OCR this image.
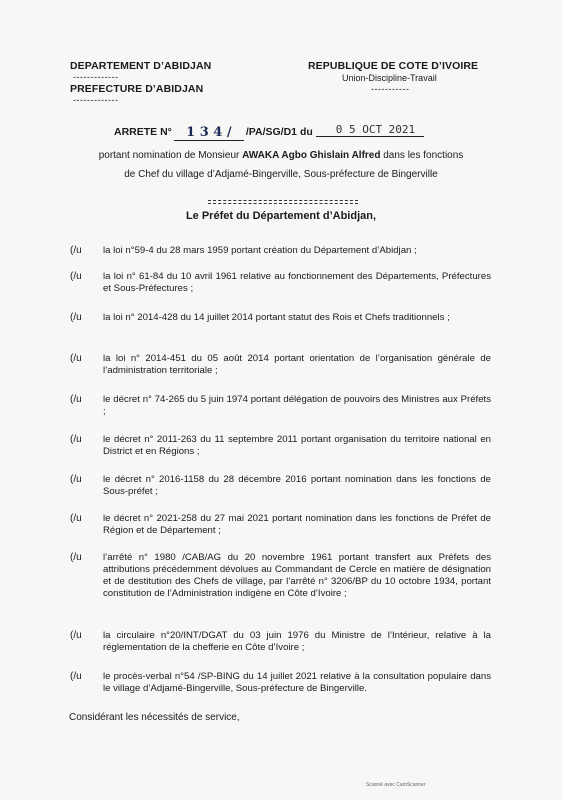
DEPARTEMENT D’ABIDJAN
-------------
PREFECTURE D’ABIDJAN
-------------
REPUBLIQUE DE COTE D’IVOIRE
Union-Discipline-Travail
-----------
ARRETE N° 1 3 4 / /PA/SG/D1 du 0 5 OCT 2021
portant nomination de Monsieur AWAKA Agbo Ghislain Alfred dans les fonctions
de Chef du village d’Adjamé-Bingerville, Sous-préfecture de Bingerville
Le Préfet du Département d’Abidjan,
(/u la loi n°59-4 du 28 mars 1959 portant création du Département d’Abidjan ;
(/u la loi n° 61-84 du 10 avril 1961 relative au fonctionnement des Départements, Préfectures et Sous-Préfectures ;
(/u la loi n° 2014-428 du 14 juillet 2014 portant statut des Rois et Chefs traditionnels ;
(/u la loi n° 2014-451 du 05 août 2014 portant orientation de l’organisation générale de l’administration territoriale ;
(/u le décret n° 74-265 du 5 juin 1974 portant délégation de pouvoirs des Ministres aux Préfets ;
(/u le décret n° 2011-263 du 11 septembre 2011 portant organisation du territoire national en District et en Régions ;
(/u le décret n° 2016-1158 du 28 décembre 2016 portant nomination dans les fonctions de Sous-préfet ;
(/u le décret n° 2021-258 du 27 mai 2021 portant nomination dans les fonctions de Préfet de Région et de Département ;
(/u l’arrêté n° 1980 /CAB/AG du 20 novembre 1961 portant transfert aux Préfets des attributions précédemment dévolues au Commandant de Cercle en matière de désignation et de destitution des Chefs de village, par l’arrêté n° 3206/BP du 10 octobre 1934, portant constitution de l’Administration indigène en Côte d’Ivoire ;
(/u la circulaire n°20/INT/DGAT du 03 juin 1976 du Ministre de l’Intérieur, relative à la réglementation de la chefferie en Côte d’Ivoire ;
(/u le procès-verbal n°54 /SP-BING du 14 juillet 2021 relative à la consultation populaire dans le village d’Adjamé-Bingerville, Sous-préfecture de Bingerville.
Considérant les nécessités de service,
Scanné avec CamScanner
